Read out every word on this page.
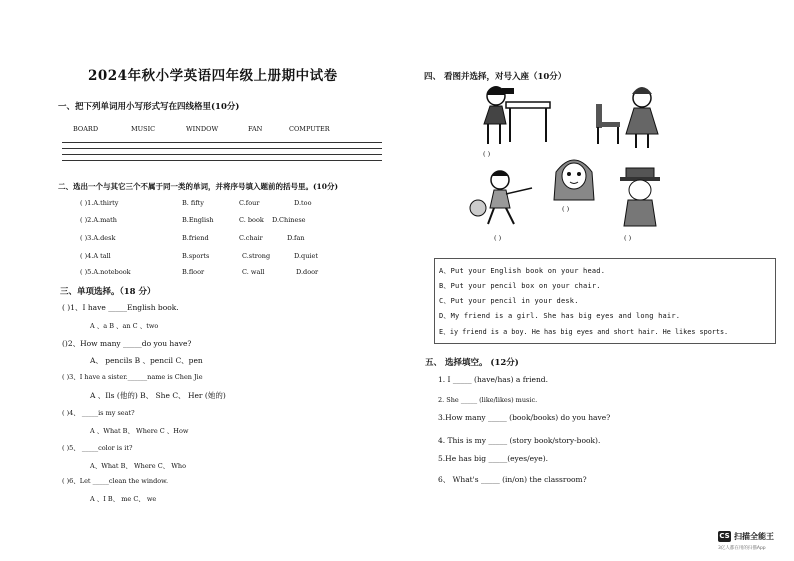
2024年秋小学英语四年级上册期中试卷
一、把下列单词用小写形式写在四线格里(10分)
BOARD	MUSIC	WINDOW	FAN	COMPUTER
二、选出一个与其它三个不属于同一类的单词，并将序号填入题前的括号里。(10分)
( )1.A.thirty	B. fifty	C.four	D.too
( )2.A.math	B.English	C. book D.Chinese
( )3.A.desk	B.friend	C.chair	D.fan
( )4.A tall	B.sports	C.strong	D.quiet
( )5.A.notebook	B.floor	C. wall	D.door
三、单项选择。（18 分）
( )1、I have _____English book.
A 、a B 、an C 、two
()2、How many _____do you have?
A、 pencils B 、pencil C、pen
( )3、I have a sister.______name is Chen Jie
A 、Ils (他的) B、 She C、 Her (她的)
( )4、 _____is my seat?
A 、What B、 Where C 、How
( )5、 _____color is it?
A、What B、 Where C、 Who
( )6、Let _____clean the window.
A 、I B、 me C、 we
四、 看图并选择，对号入座（10分）
( )
( )
( )
( )
A、Put your English book on your head.
B、Put your pencil box on your chair.
C、Put your pencil in your desk.
D、My friend is a girl. She has big eyes and long hair.
E、iy friend is a boy. He has big eyes and short hair. He likes sports.
五、 选择填空。 (12分)
1. I _____ (have/has) a friend.
2. She _____ (like/likes) music.
3.How many _____ (book/books) do you have?
4. This is my _____ (story book/story-book).
5.He has big _____(eyes/eye).
6、 What's _____ (in/on) the classroom?
CS 扫描全能王
3亿人都在用的扫描App
